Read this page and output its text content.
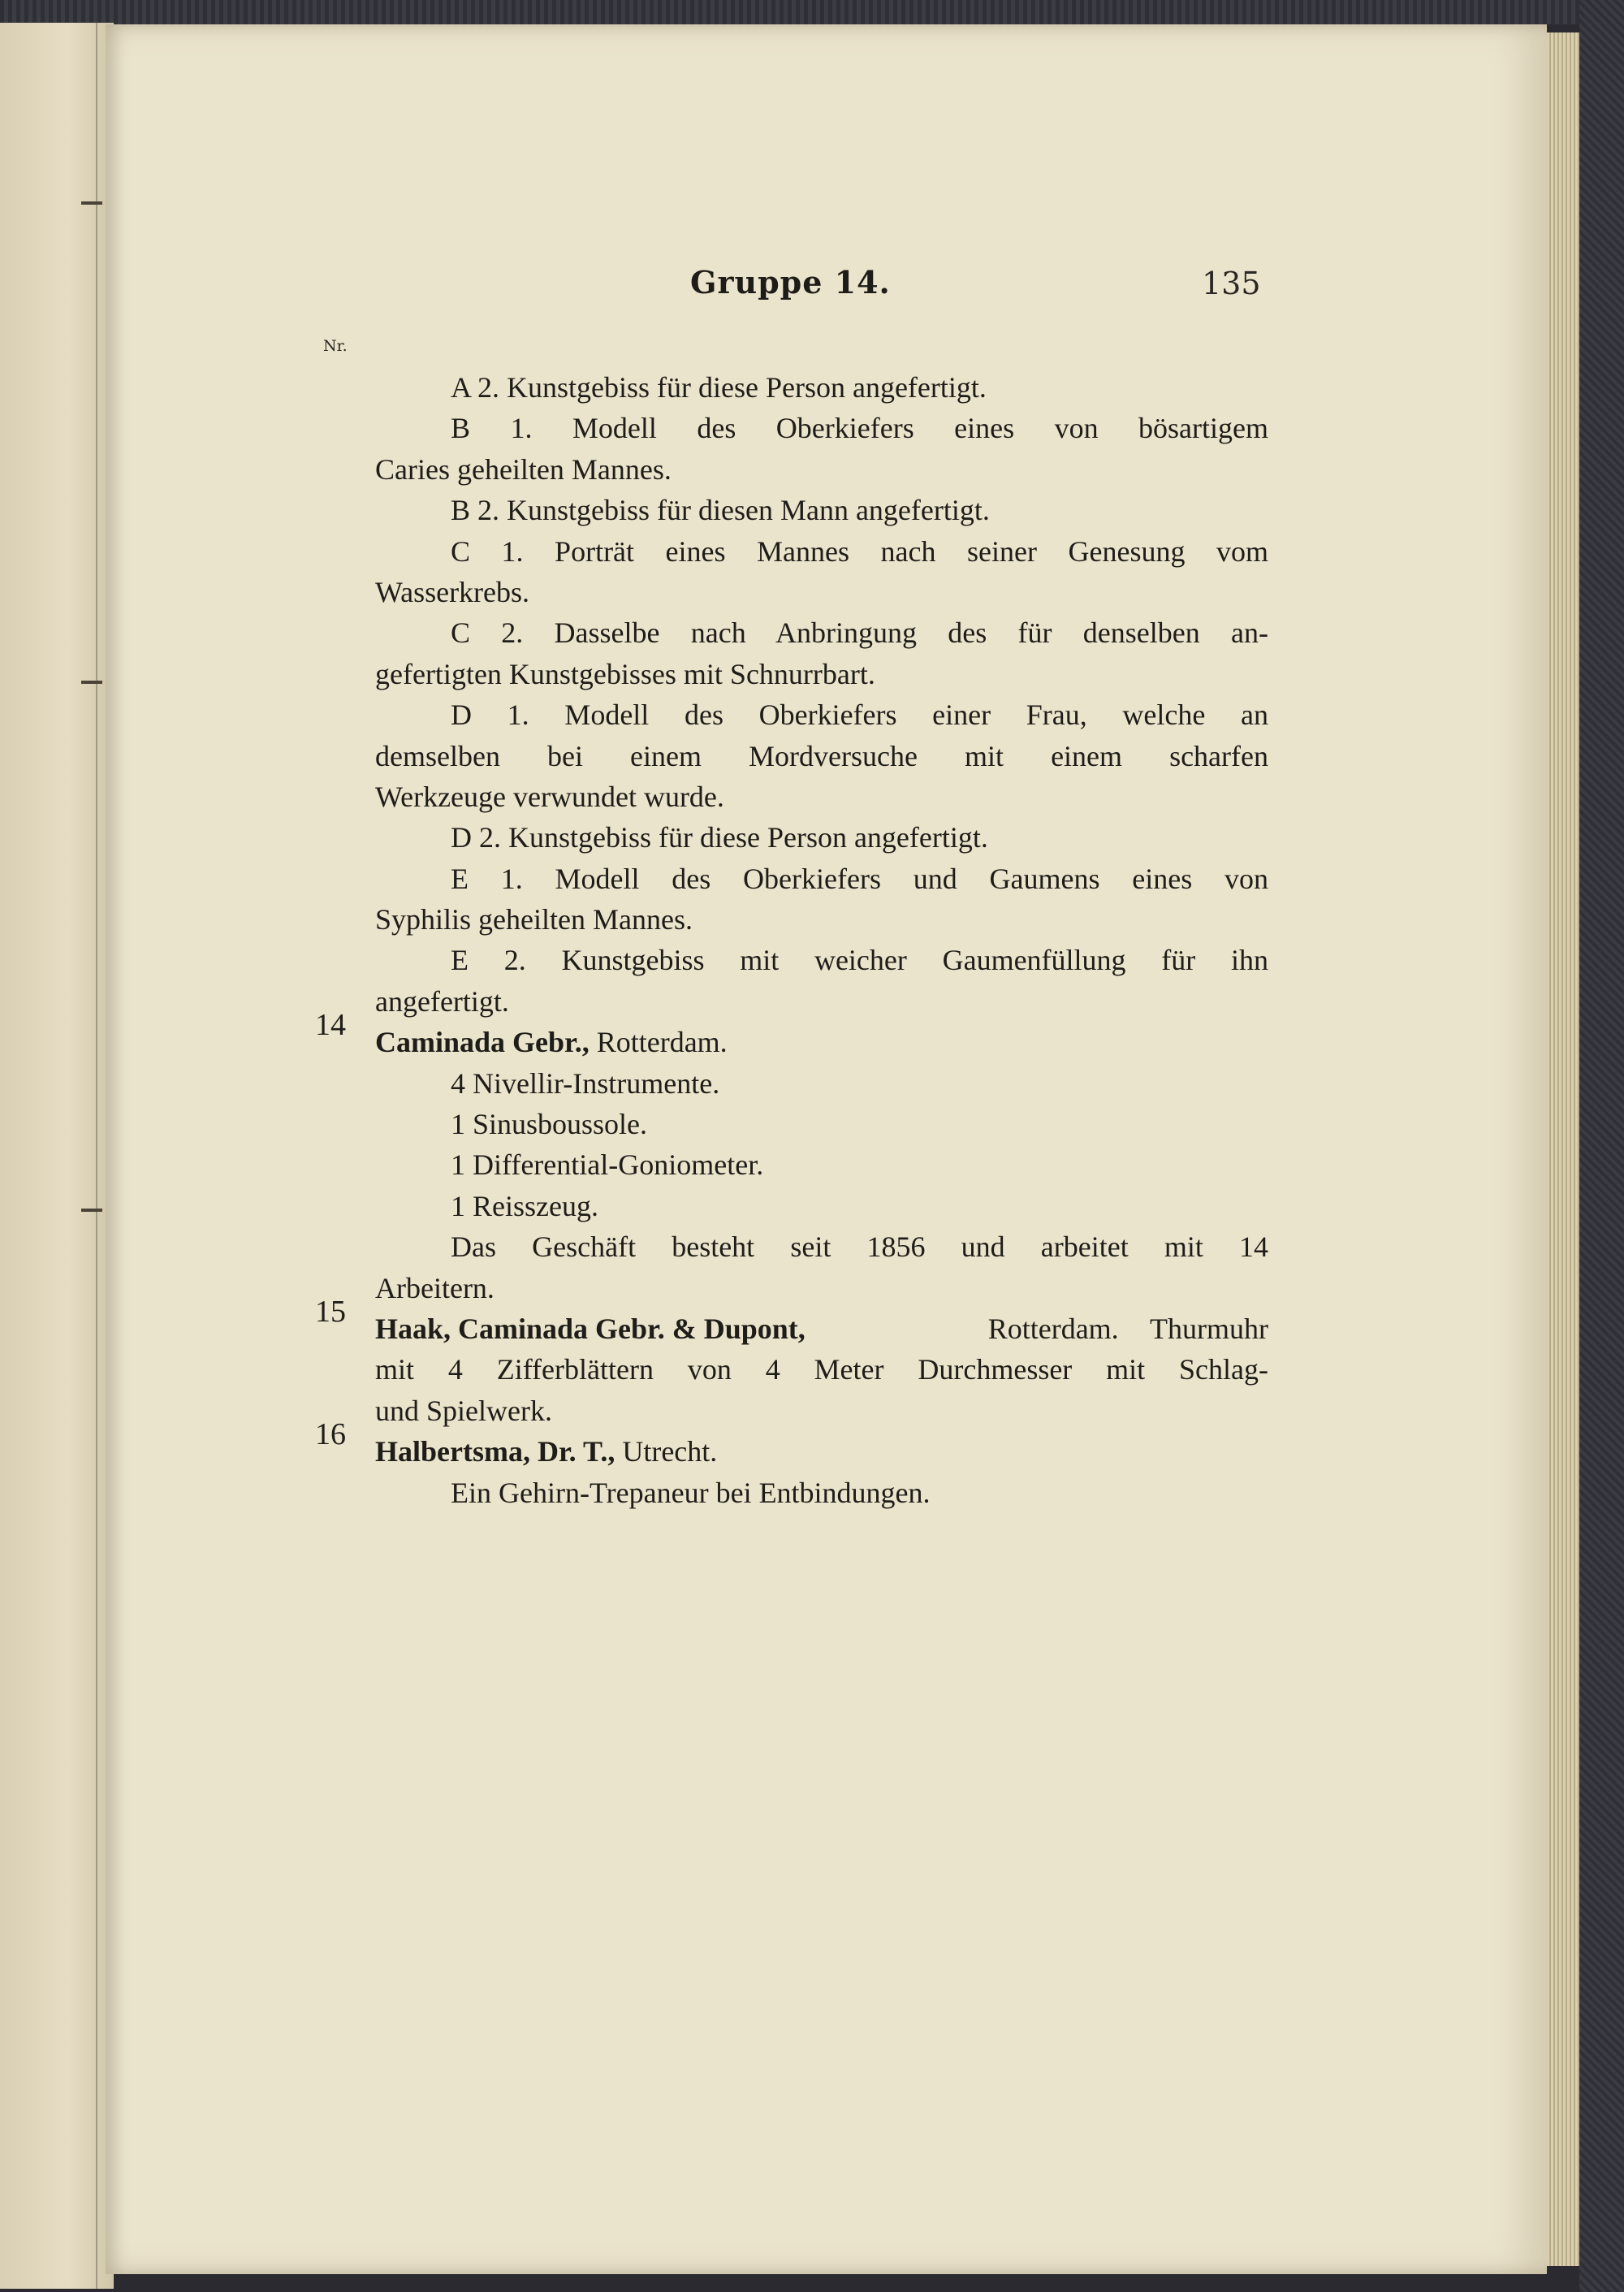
Gruppe 14.	135
Nr.
A 2. Kunstgebiss für diese Person angefertigt.
B 1. Modell des Oberkiefers eines von bösartigem
Caries geheilten Mannes.
B 2. Kunstgebiss für diesen Mann angefertigt.
C 1. Porträt eines Mannes nach seiner Genesung vom
Wasserkrebs.
C 2. Dasselbe nach Anbringung des für denselben an-
gefertigten Kunstgebisses mit Schnurrbart.
D 1. Modell des Oberkiefers einer Frau, welche an
demselben bei einem Mordversuche mit einem scharfen
Werkzeuge verwundet wurde.
D 2. Kunstgebiss für diese Person angefertigt.
E 1. Modell des Oberkiefers und Gaumens eines von
Syphilis geheilten Mannes.
E 2. Kunstgebiss mit weicher Gaumenfüllung für ihn
angefertigt.
Caminada Gebr., Rotterdam.
4 Nivellir-Instrumente.
1 Sinusboussole.
1 Differential-Goniometer.
1 Reisszeug.
Das Geschäft besteht seit 1856 und arbeitet mit 14
Arbeitern.
Haak, Caminada Gebr. & Dupont,	Rotterdam. Thurmuhr
mit 4 Zifferblättern von 4 Meter Durchmesser mit Schlag-
und Spielwerk.
Halbertsma, Dr. T., Utrecht.
Ein Gehirn-Trepaneur bei Entbindungen.
14
15
16
